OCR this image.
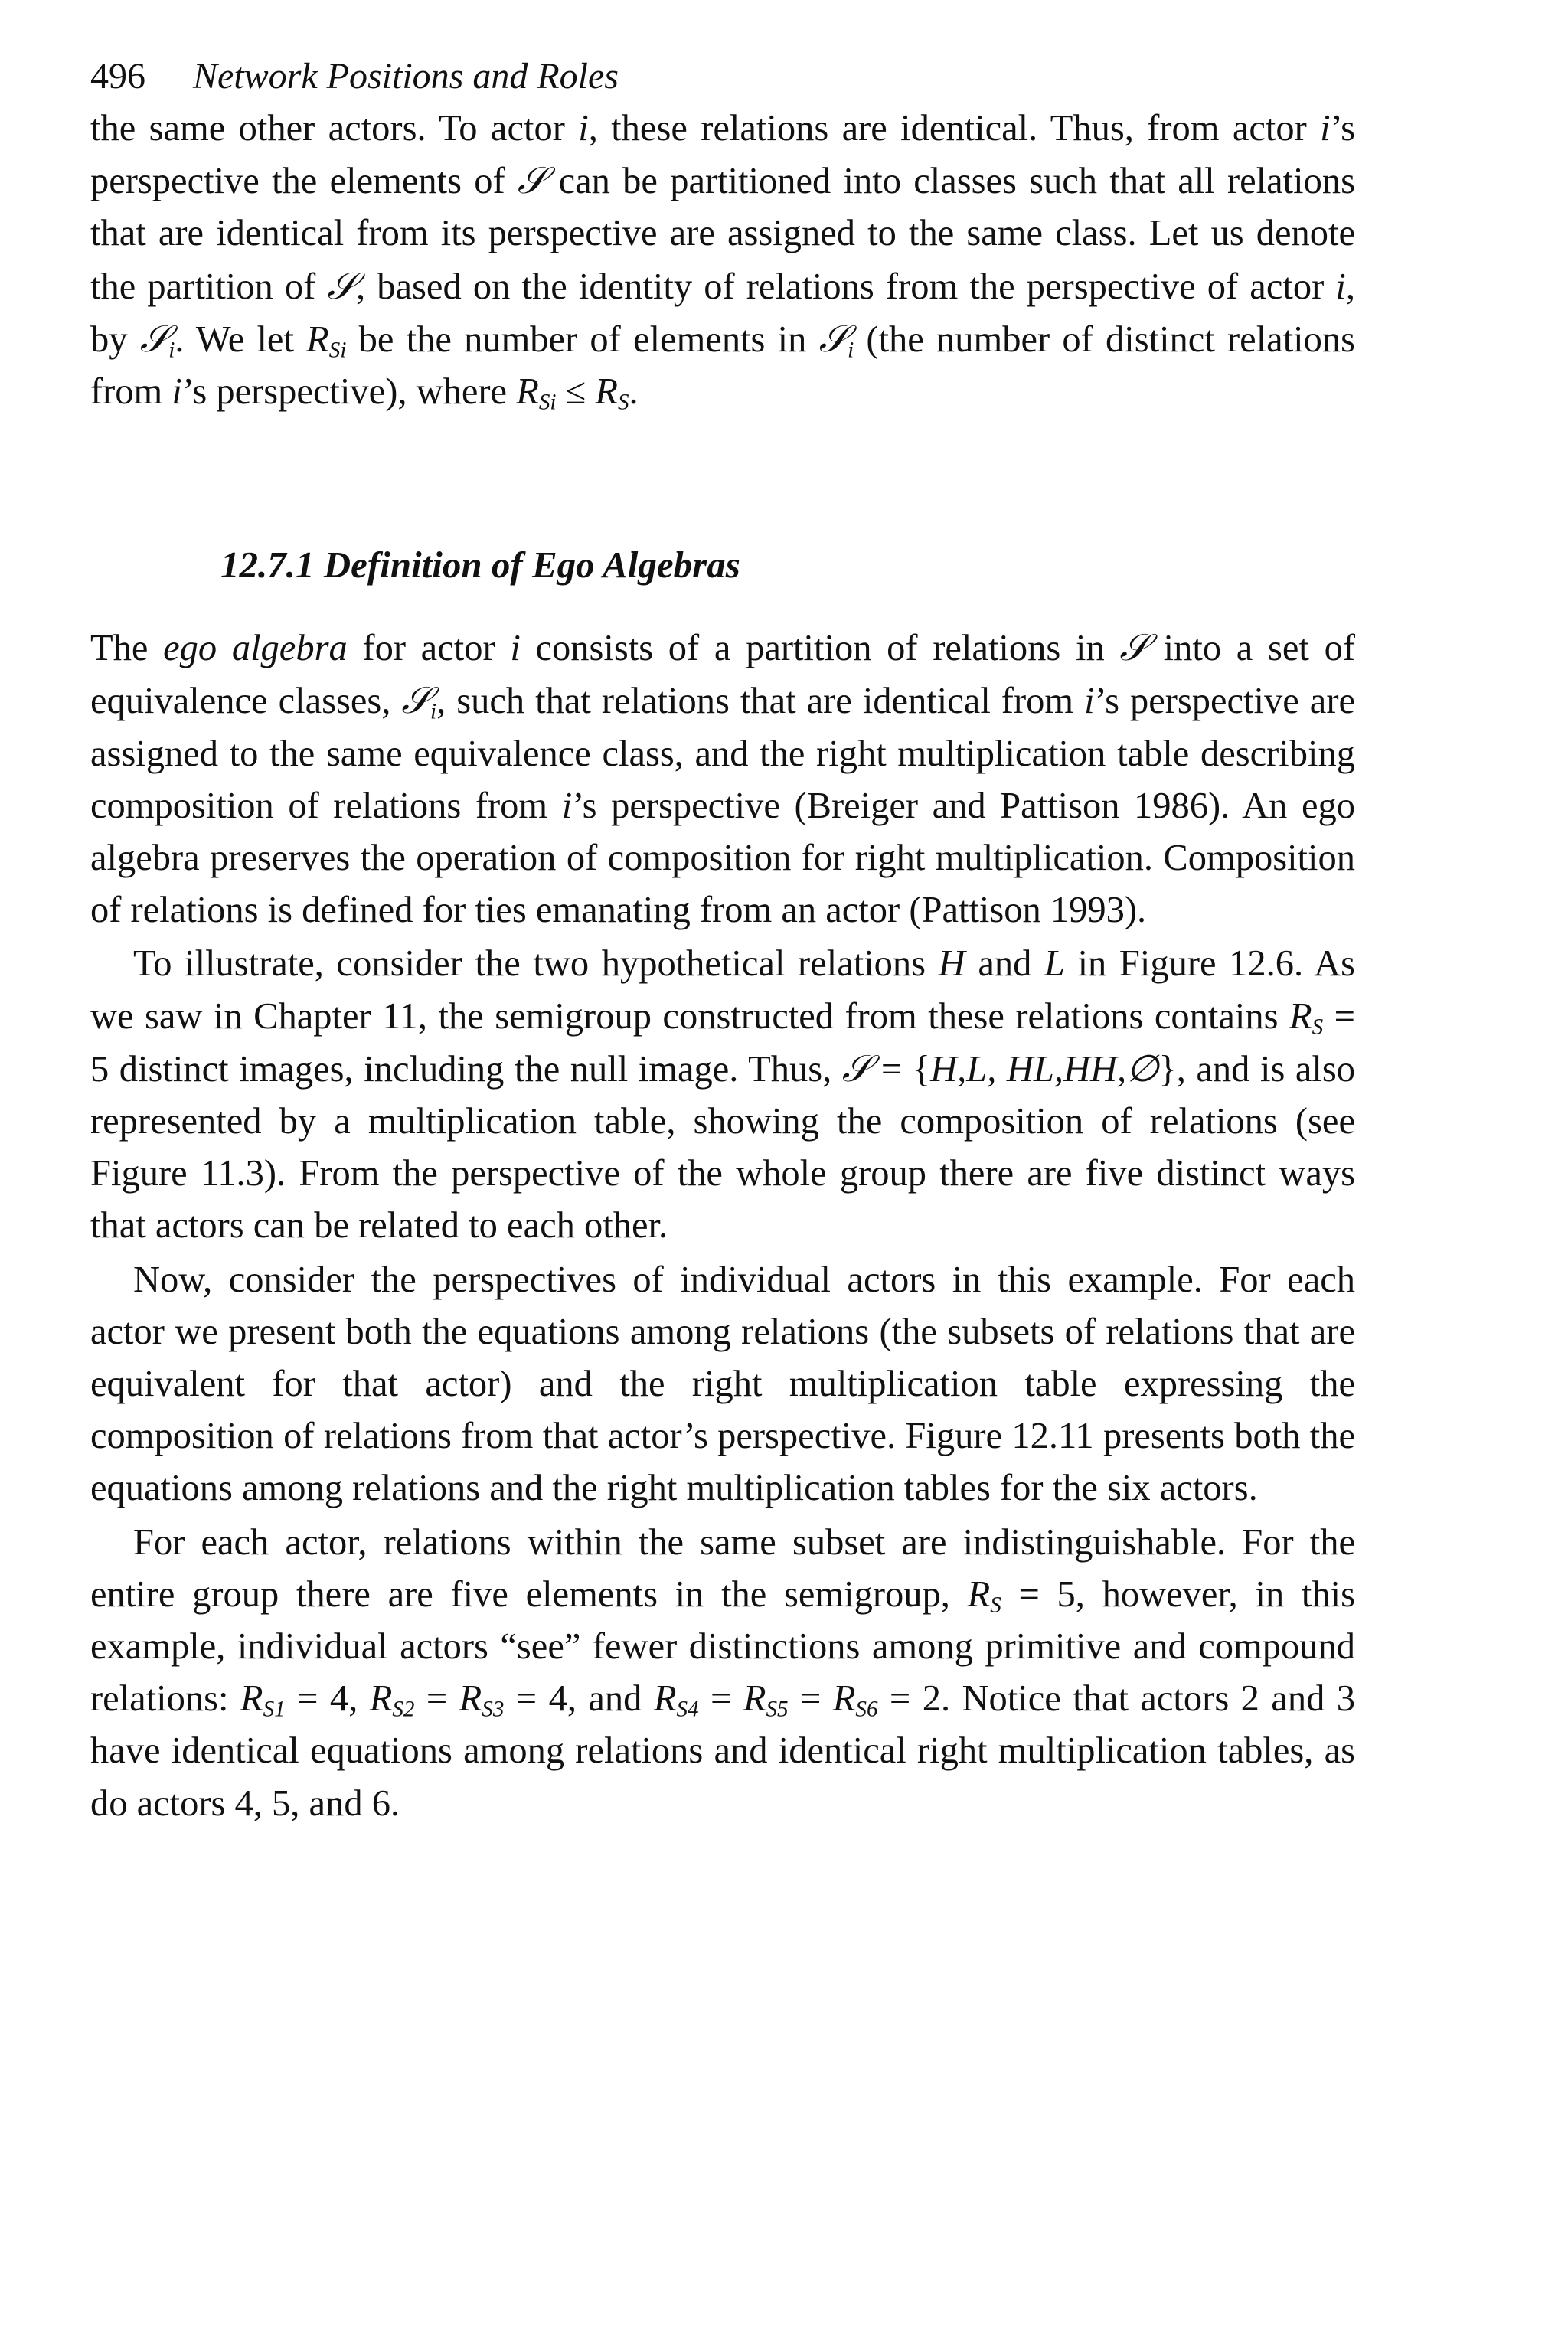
496 Network Positions and Roles

the same other actors. To actor i, these relations are identical. Thus, from actor i’s perspective the elements of 𝒮 can be partitioned into classes such that all relations that are identical from its perspective are assigned to the same class. Let us denote the partition of 𝒮, based on the identity of relations from the perspective of actor i, by 𝒮$_i$. We let $R_{Si}$ be the number of elements in 𝒮$_i$ (the number of distinct relations from i’s perspective), where $R_{Si} \le R_S$.

12.7.1 Definition of Ego Algebras

The ego algebra for actor i consists of a partition of relations in 𝒮 into a set of equivalence classes, 𝒮$_i$, such that relations that are identical from i’s perspective are assigned to the same equivalence class, and the right multiplication table describing composition of relations from i’s perspective (Breiger and Pattison 1986). An ego algebra preserves the operation of composition for right multiplication. Composition of relations is defined for ties emanating from an actor (Pattison 1993).

To illustrate, consider the two hypothetical relations H and L in Figure 12.6. As we saw in Chapter 11, the semigroup constructed from these relations contains $R_S = 5$ distinct images, including the null image. Thus, 𝒮 = {H,L, HL,HH,∅}, and is also represented by a multiplication table, showing the composition of relations (see Figure 11.3). From the perspective of the whole group there are five distinct ways that actors can be related to each other.

Now, consider the perspectives of individual actors in this example. For each actor we present both the equations among relations (the subsets of relations that are equivalent for that actor) and the right multiplication table expressing the composition of relations from that actor’s perspective. Figure 12.11 presents both the equations among relations and the right multiplication tables for the six actors.

For each actor, relations within the same subset are indistinguishable. For the entire group there are five elements in the semigroup, $R_S = 5$, however, in this example, individual actors “see” fewer distinctions among primitive and compound relations: $R_{S1} = 4$, $R_{S2} = R_{S3} = 4$, and $R_{S4} = R_{S5} = R_{S6} = 2$. Notice that actors 2 and 3 have identical equations among relations and identical right multiplication tables, as do actors 4, 5, and 6.
